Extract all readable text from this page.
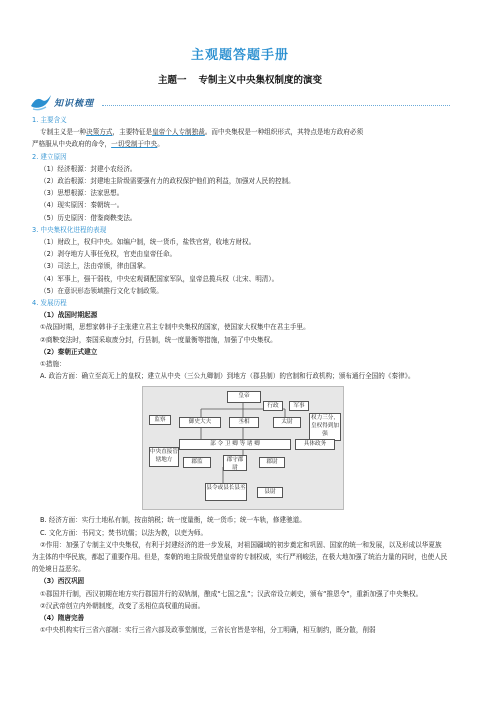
主观题答题手册
主题一 专制主义中央集权制度的演变
知识梳理
1. 主要含义
专制主义是一种决策方式，主要特征是皇帝个人专制独裁。而中央集权是一种组织形式，其特点是地方政府必须
严格服从中央政府的命令，一切受制于中央。
2. 建立原因
（1）经济根源：封建小农经济。
（2）政治根源：封建地主阶级需要强有力的政权保护他们的利益，加强对人民的控制。
（3）思想根源：法家思想。
（4）现实原因：秦朝统一。
（5）历史原因：借鉴商鞅变法。
3. 中央集权化进程的表现
（1）财政上，权归中央。如编户制，统一货币，盐铁官营，收地方财权。
（2）剥夺地方人事任免权，官吏由皇帝任命。
（3）司法上，法由帝颁，律由国掌。
（4）军事上，强干弱枝，中央宏观调配国家军队，皇帝总揽兵权（北宋、明清）。
（5）在意识形态领域推行文化专制政策。
4. 发展历程
（1）战国时期起源
①战国时期，思想家韩非子主张建立君主专制中央集权的国家，使国家大权集中在君主手里。
②商鞅变法时，秦国采取废分封，行县制，统一度量衡等措施，加强了中央集权。
（2）秦朝正式建立
①措施：
A. 政治方面：确立至高无上的皇权；建立从中央（三公九卿制）到地方（郡县制）的官制和行政机构；颁布通行全国的《秦律》。
皇帝
行政	军事
权力三分，皇权得到加强
监察	御史大夫	丞相	太尉
部 令 卫 卿 等 诸 卿	具体政务
中央直接管辖地方	郡监	郡守郡尉
郡尉
县令或县长县丞
县尉
B. 经济方面：实行土地私有制，按亩纳税；统一度量衡，统一货币；统一车轨，修建驰道。
C. 文化方面：书同文；焚书坑儒；以法为教，以吏为师。
②作用：加强了专制主义中央集权，有利于封建经济的进一步发展，对祖国疆域的初步奠定和巩固、国家的统一和发展，以及形成以华夏族为主体的中华民族，都起了重要作用。但是，秦朝的地主阶级凭借皇帝的专制权威，实行严刑峻法，在极大地加强了统治力量的同时，也使人民的处境日益恶劣。
（3）西汉巩固
①郡国并行制，西汉初期在地方实行郡国并行的双轨制，酿成“七国之乱”；汉武帝设立刺史，颁布“推恩令”，重新加强了中央集权。
②汉武帝创立内外朝制度，改变了丞相位高权重的局面。
（4）隋唐完善
①中央机构实行三省六部制：实行三省六部及政事堂制度，三省长官皆是宰相，分工明确，相互制约，既分散，削弱
